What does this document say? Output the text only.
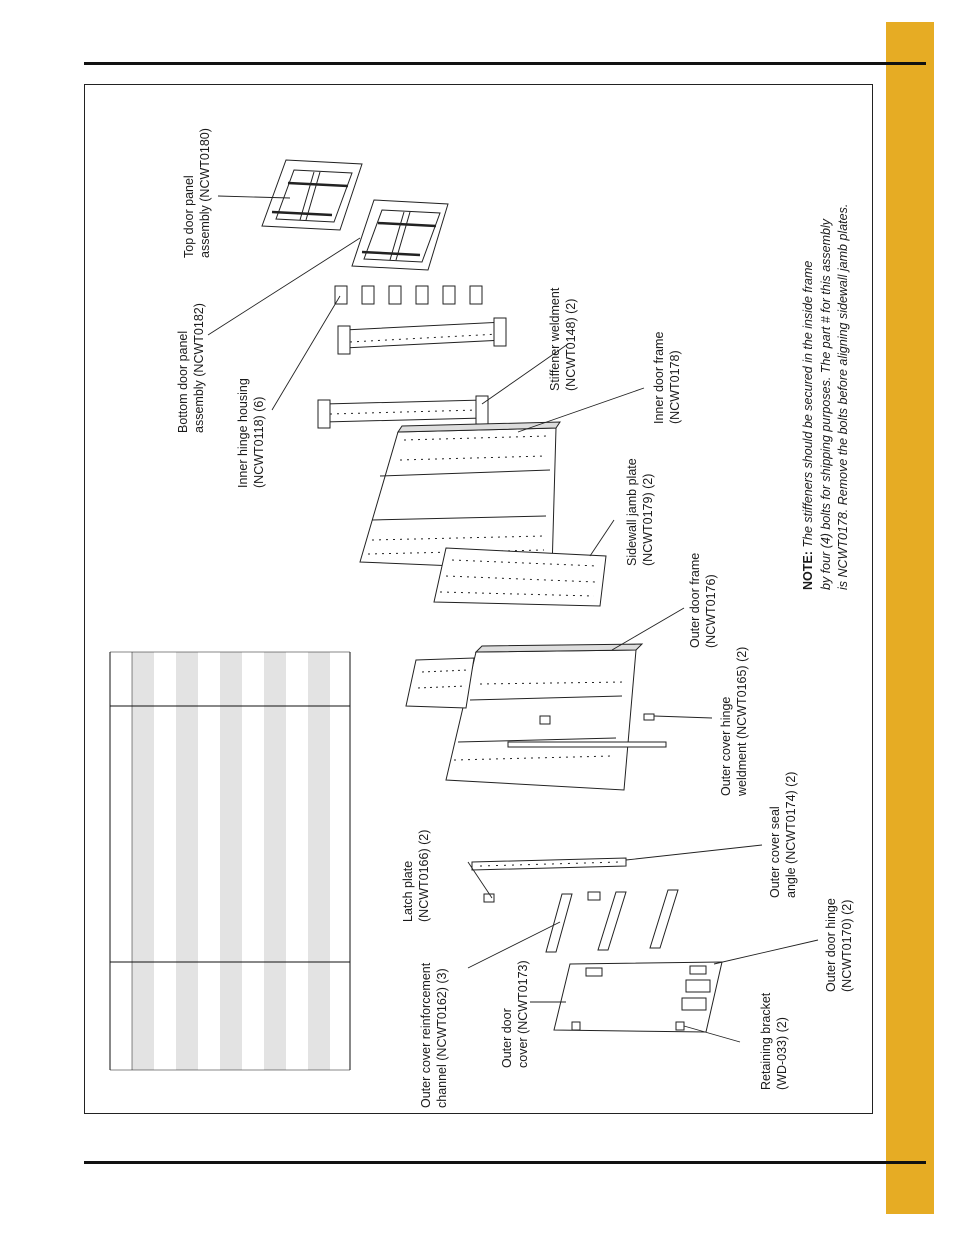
Top door panel assembly (NCWT0180)
Bottom door panel assembly (NCWT0182)
Inner hinge housing (NCWT0118) (6)
Stiffener weldment (NCWT0148) (2)	Inner door frame (NCWT0178)
Sidewall jamb plate (NCWT0179) (2)
Outer door frame (NCWT0176)
Outer cover hinge weldment (NCWT0165) (2)
Latch plate (NCWT0166) (2)	Outer cover seal angle (NCWT0174) (2)
Outer cover reinforcement channel (NCWT0162) (3)	Outer door cover (NCWT0173)
Outer door hinge (NCWT0170) (2)
Retaining bracket (WD-033) (2)
NOTE: The stiffeners should be secured in the inside frame by four (4) bolts for shipping purposes. The part # for this assembly is NCWT0178. Remove the bolts before aligning sidewall jamb plates.
